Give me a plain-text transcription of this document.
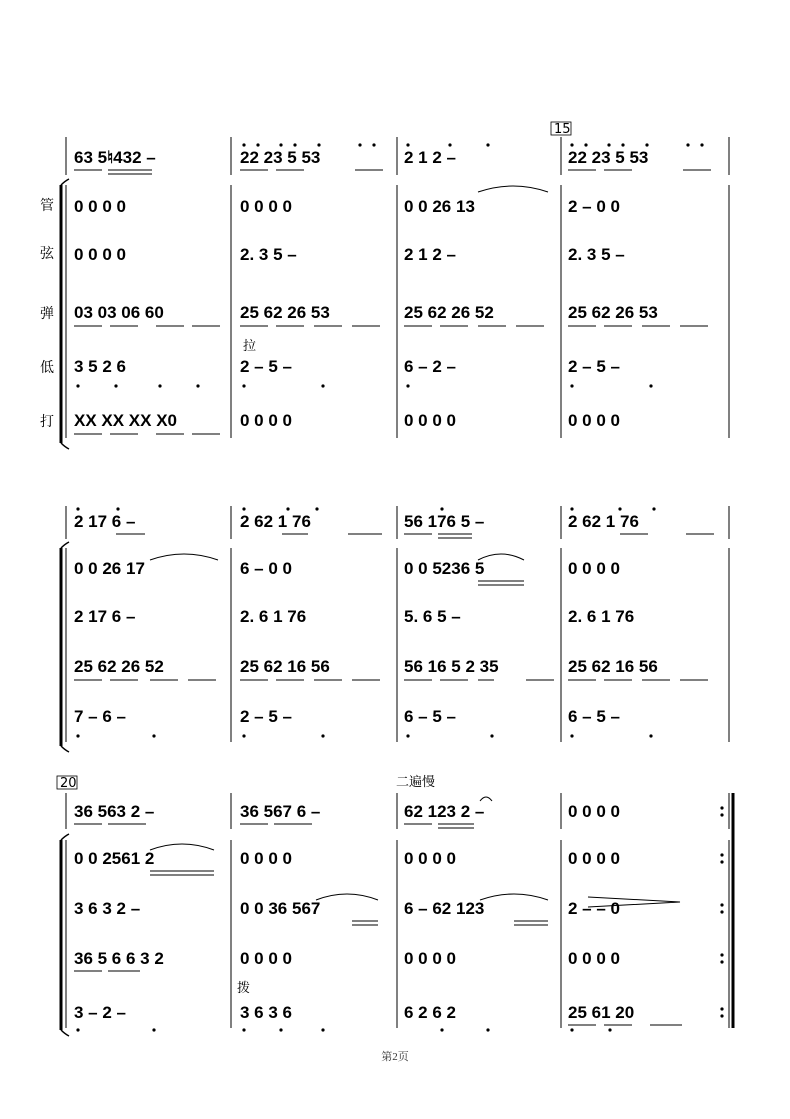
63 5♮432 –	22 23 5 53	2 1 2 –	22 23 5 53
0 0 0 0	0 0 0 0	0 0 26 13	2 – 0 0
0 0 0 0	2. 3 5 –	2 1 2 –	2. 3 5 –
03 03 06 60	25 62 26 53	25 62 26 52	25 62 26 53
3 5 2 6	2 – 5 –	6 – 2 –	2 – 5 –
XX XX XX X0	0 0 0 0	0 0 0 0	0 0 0 0
2 17 6 –	2 62 1 76	56 176 5 –	2 62 1 76
0 0 26 17	6 – 0 0	0 0 5236 5	0 0 0 0
2 17 6 –	2. 6 1 76	5. 6 5 –	2. 6 1 76
25 62 26 52	25 62 16 56	56 16 5 2 35	25 62 16 56
7 – 6 –	2 – 5 –	6 – 5 –	6 – 5 –
36 563 2 –	36 567 6 –	62 123 2 –	0 0 0 0
0 0 2561 2	0 0 0 0	0 0 0 0	0 0 0 0
3 6 3 2 –	0 0 36 567	6 – 62 123	2 – – 0
36 5 6 6 3 2	0 0 0 0	0 0 0 0	0 0 0 0
3 – 2 –	3 6 3 6	6 2 6 2	25 61 20
管
弦
弹
低
打
15
20	二遍慢
拉
拨
第2页
